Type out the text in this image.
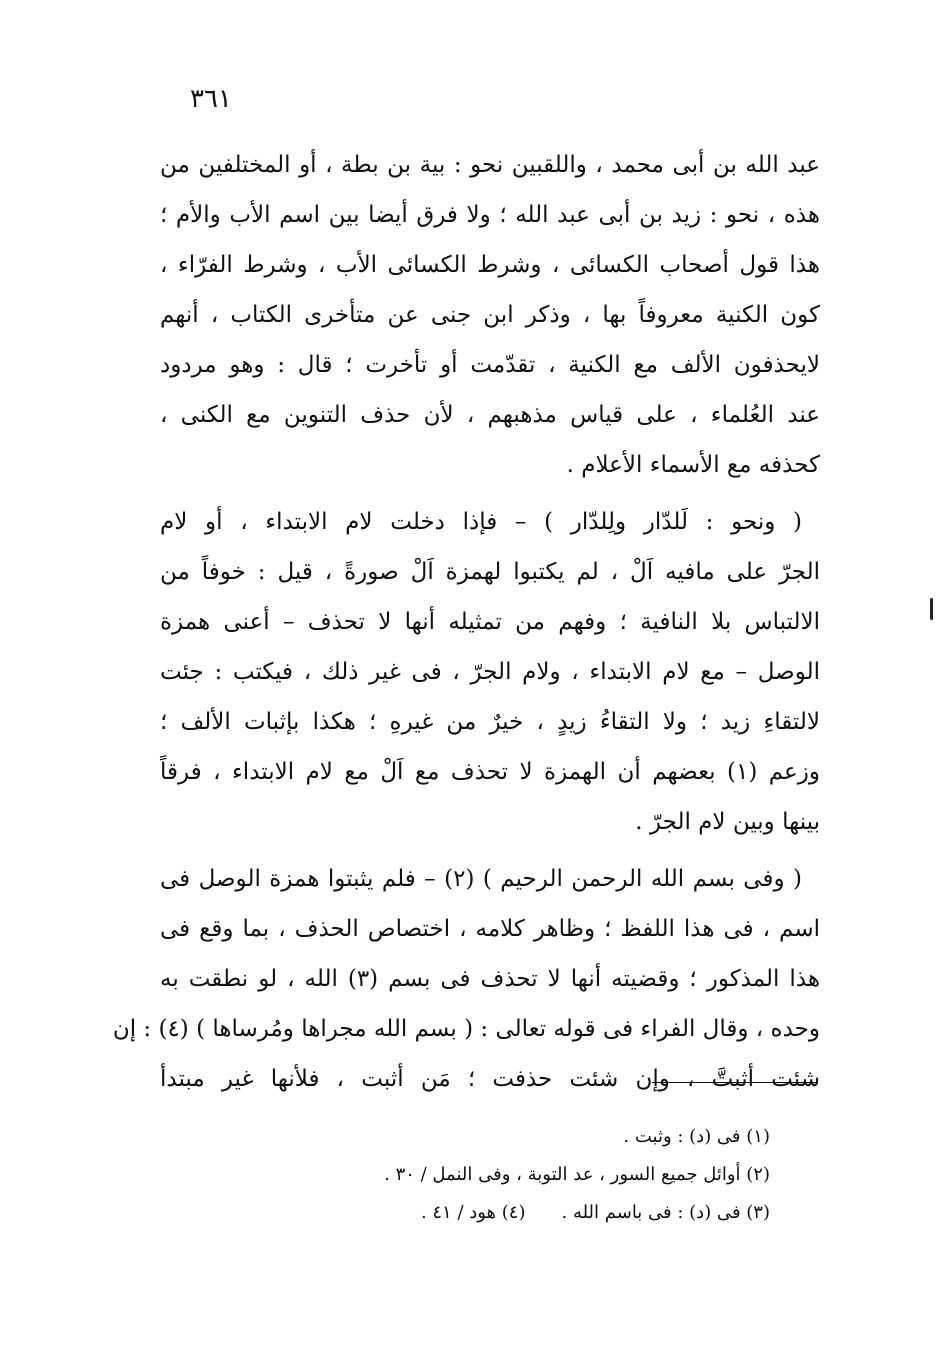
٣٦١
عبد الله بن أبى محمد ، واللقبين نحو : بية بن بطة ، أو المختلفين من
هذه ، نحو : زيد بن أبى عبد الله ؛ ولا فرق أيضا بين اسم الأب والأم ؛
هذا قول أصحاب الكسائى ، وشرط الكسائى الأب ، وشرط الفرّاء ،
كون الكنية معروفاً بها ، وذكر ابن جنى عن متأخرى الكتاب ، أنهم
لايحذفون الألف مع الكنية ، تقدّمت أو تأخرت ؛ قال : وهو مردود
عند العُلماء ، على قياس مذهبهم ، لأن حذف التنوين مع الكنى ،
كحذفه مع الأسماء الأعلام .
( ونحو : لَلدّار ولِلدّار ) – فإذا دخلت لام الابتداء ، أو لام
الجرّ على مافيه اَلْ ، لم يكتبوا لهمزة اَلْ صورةً ، قيل : خوفاً من
الالتباس بلا النافية ؛ وفهم من تمثيله أنها لا تحذف – أعنى همزة
الوصل – مع لام الابتداء ، ولام الجرّ ، فى غير ذلك ، فيكتب : جئت
لالتقاءِ زيد ؛ ولا التقاءُ زيدٍ ، خيرٌ من غيرهِ ؛ هكذا بإثبات الألف ؛
وزعم (١) بعضهم أن الهمزة لا تحذف مع اَلْ مع لام الابتداء ، فرقاً
بينها وبين لام الجرّ .
( وفى بسم الله الرحمن الرحيم ) (٢) – فلم يثبتوا همزة الوصل فى
اسم ، فى هذا اللفظ ؛ وظاهر كلامه ، اختصاص الحذف ، بما وقع فى
هذا المذكور ؛ وقضيته أنها لا تحذف فى بسم (٣) الله ، لو نطقت به
وحده ، وقال الفراء فى قوله تعالى : ( بسم الله مجراها ومُرساها ) (٤) : إن
شئت أثبتَّ ، وإن شئت حذفت ؛ مَن أثبت ، فلأنها غير مبتدأ
(١) فى (د) : وثبت .
(٢) أوائل جميع السور ، عد التوبة ، وفى النمل / ٣٠ .
(٣) فى (د) : فى باسم الله .(٤) هود / ٤١ .
